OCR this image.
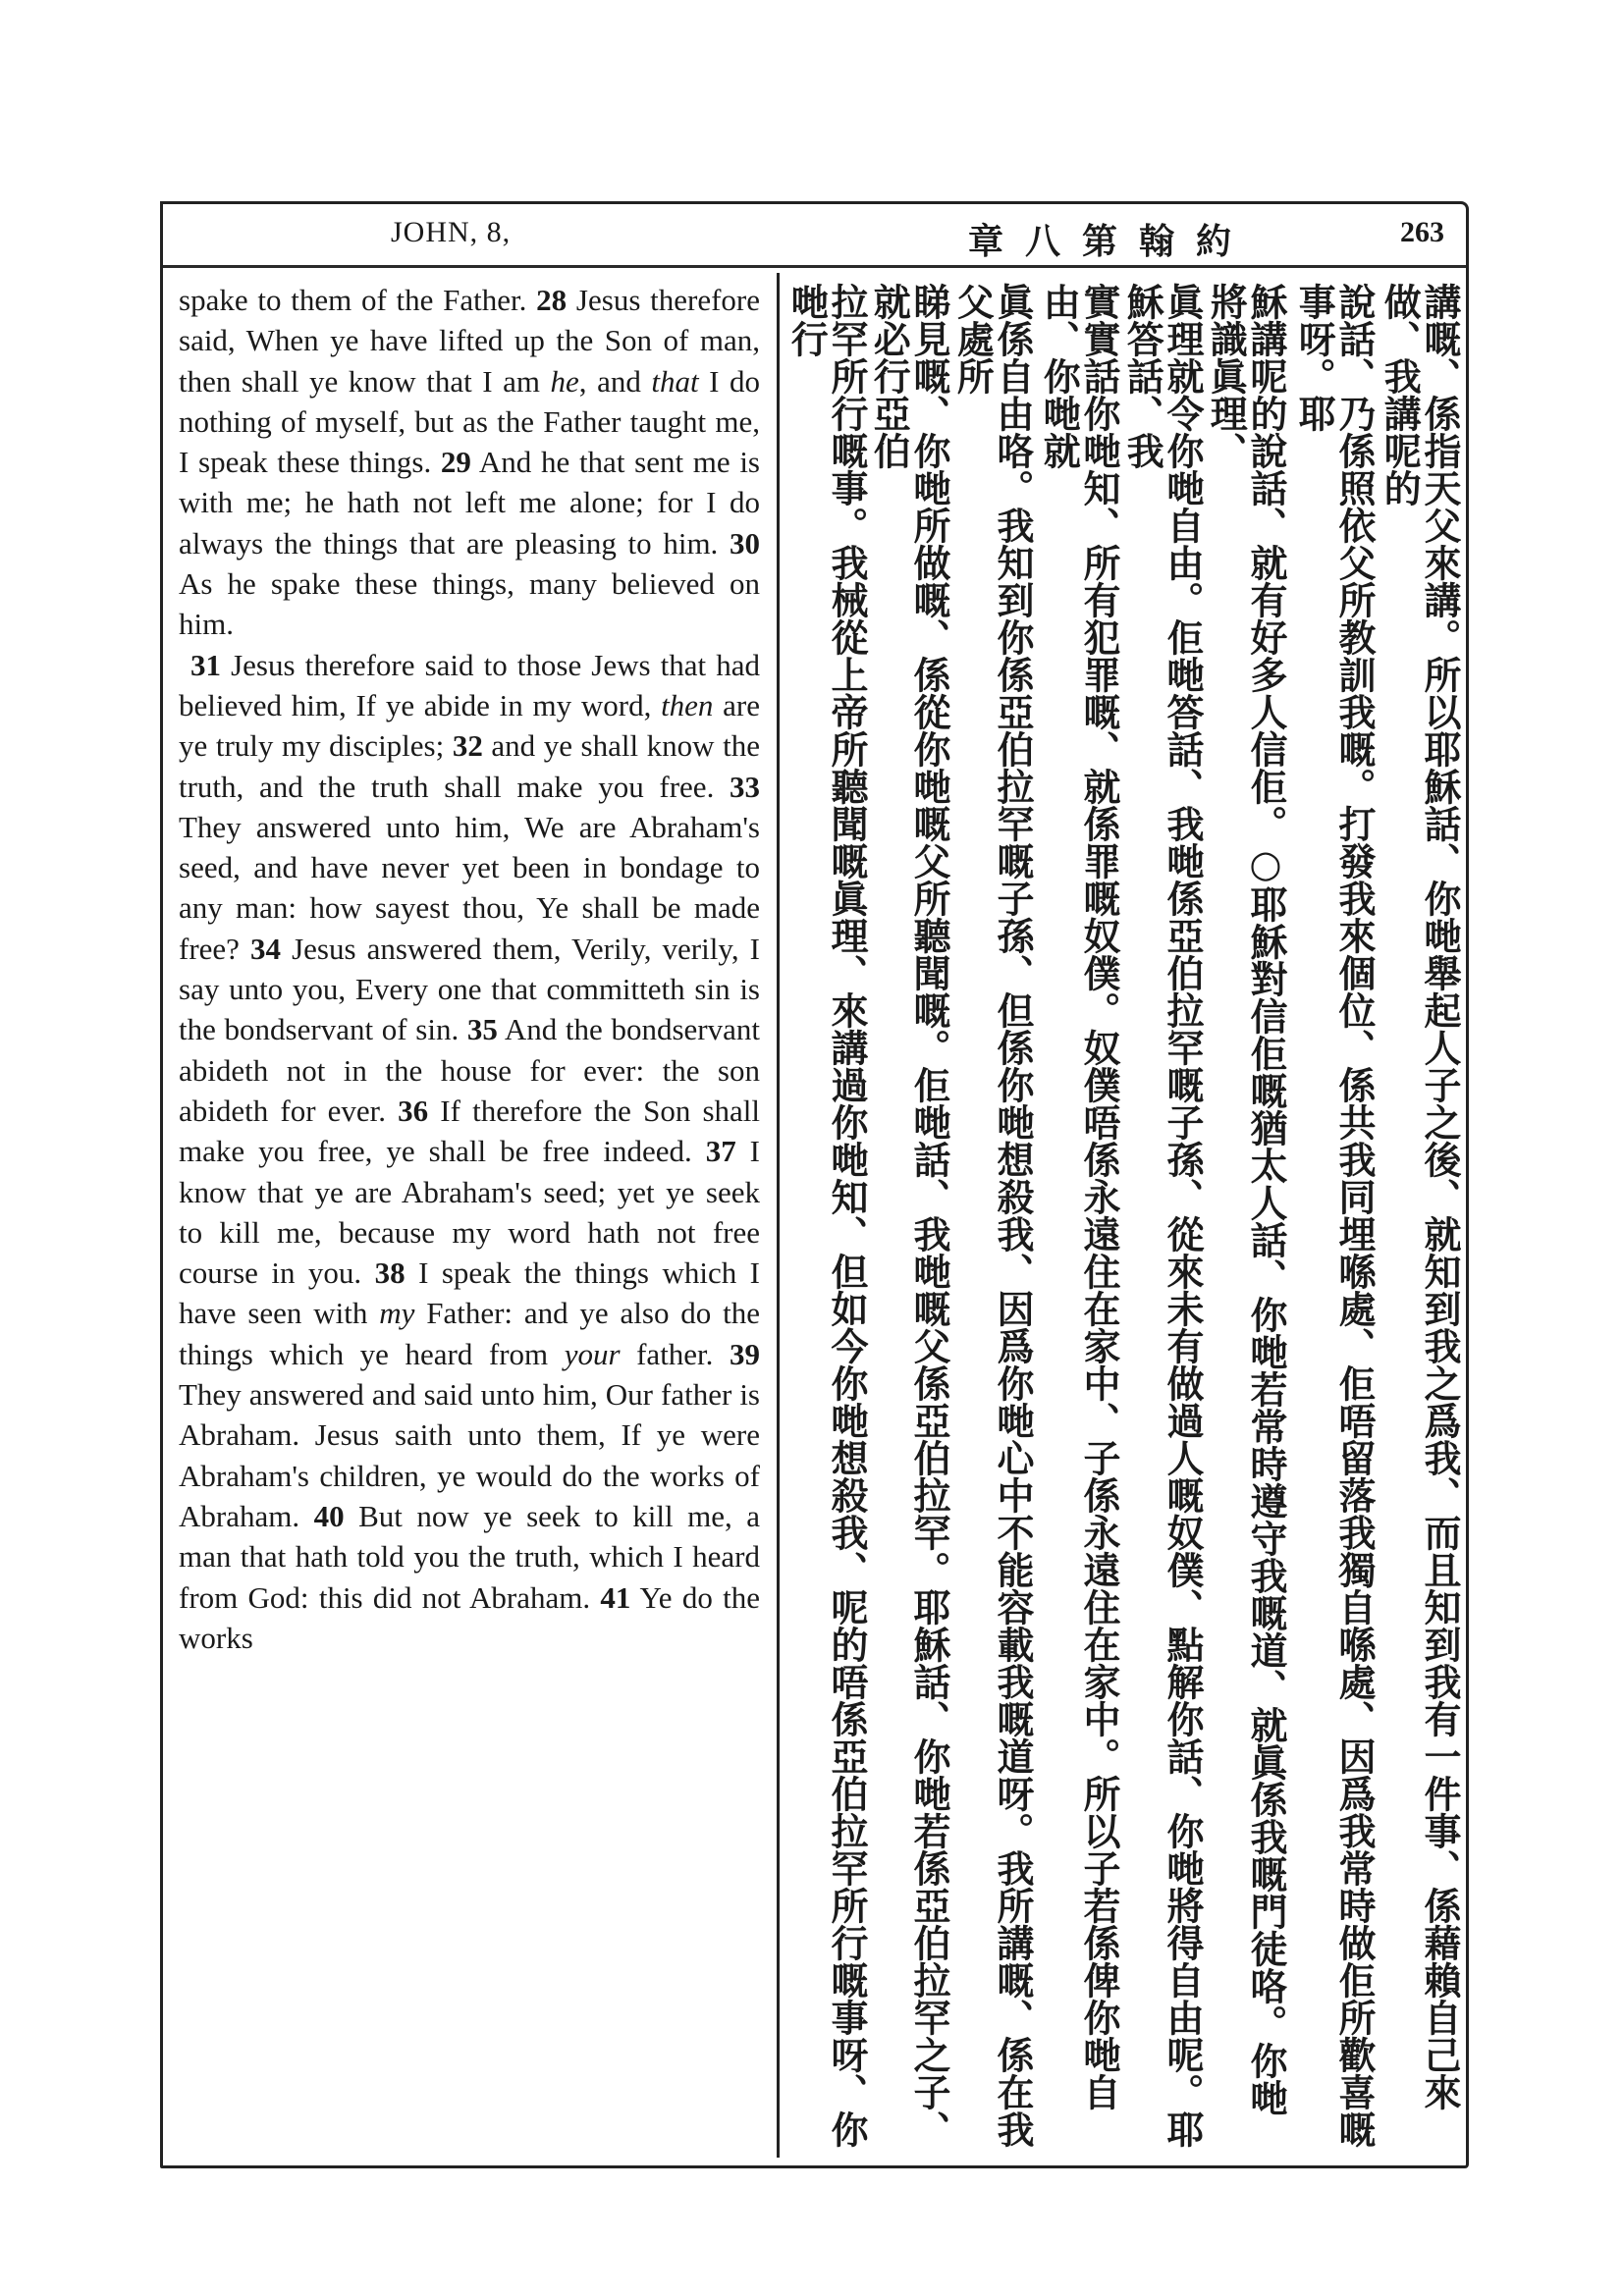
JOHN, 8,	章八第翰約	263

spake to them of the Father. 28 Jesus therefore said, When ye have lifted up the Son of man, then shall ye know that I am he, and that I do nothing of myself, but as the Father taught me, I speak these things. 29 And he that sent me is with me; he hath not left me alone; for I do always the things that are pleasing to him. 30 As he spake these things, many believed on him.

31 Jesus therefore said to those Jews that had believed him, If ye abide in my word, then are ye truly my disciples; 32 and ye shall know the truth, and the truth shall make you free. 33 They answered unto him, We are Abraham's seed, and have never yet been in bondage to any man: how sayest thou, Ye shall be made free? 34 Jesus answered them, Verily, verily, I say unto you, Every one that committeth sin is the bondservant of sin. 35 And the bondservant abideth not in the house for ever: the son abideth for ever. 36 If therefore the Son shall make you free, ye shall be free indeed. 37 I know that ye are Abraham's seed; yet ye seek to kill me, because my word hath not free course in you. 38 I speak the things which I have seen with my Father: and ye also do the things which ye heard from your father. 39 They answered and said unto him, Our father is Abraham. Jesus saith unto them, If ye were Abraham's children, ye would do the works of Abraham. 40 But now ye seek to kill me, a man that hath told you the truth, which I heard from God: this did not Abraham. 41 Ye do the works	講嘅、係指天父來講。所以耶穌話、你哋舉起人子之後、就知到我之爲我、而且知到我有一件事、係藉賴自己來做、我講呢的
說話、乃係照依父所教訓我嘅。打發我來個位、係共我同埋喺處、佢唔留落我獨自喺處、因爲我常時做佢所歡喜嘅事呀。耶
穌講呢的說話、就有好多人信佢。○耶穌對信佢嘅猶太人話、你哋若常時遵守我嘅道、就眞係我嘅門徒咯。你哋將識眞理、
眞理就令你哋自由。佢哋答話、我哋係亞伯拉罕嘅子孫、從來未有做過人嘅奴僕、點解你話、你哋將得自由呢。耶穌答話、我
實實話你哋知、所有犯罪嘅、就係罪嘅奴僕。奴僕唔係永遠住在家中、子係永遠住在家中。所以子若係俾你哋自由、你哋就
眞係自由咯。我知到你係亞伯拉罕嘅子孫、但係你哋想殺我、因爲你哋心中不能容載我嘅道呀。我所講嘅、係在我父處所
睇見嘅、你哋所做嘅、係從你哋嘅父所聽聞嘅。佢哋話、我哋嘅父係亞伯拉罕。耶穌話、你哋若係亞伯拉罕之子、就必行亞伯
拉罕所行嘅事。我械從上帝所聽聞嘅眞理、來講過你哋知、但如今你哋想殺我、呢的唔係亞伯拉罕所行嘅事呀、你哋行
